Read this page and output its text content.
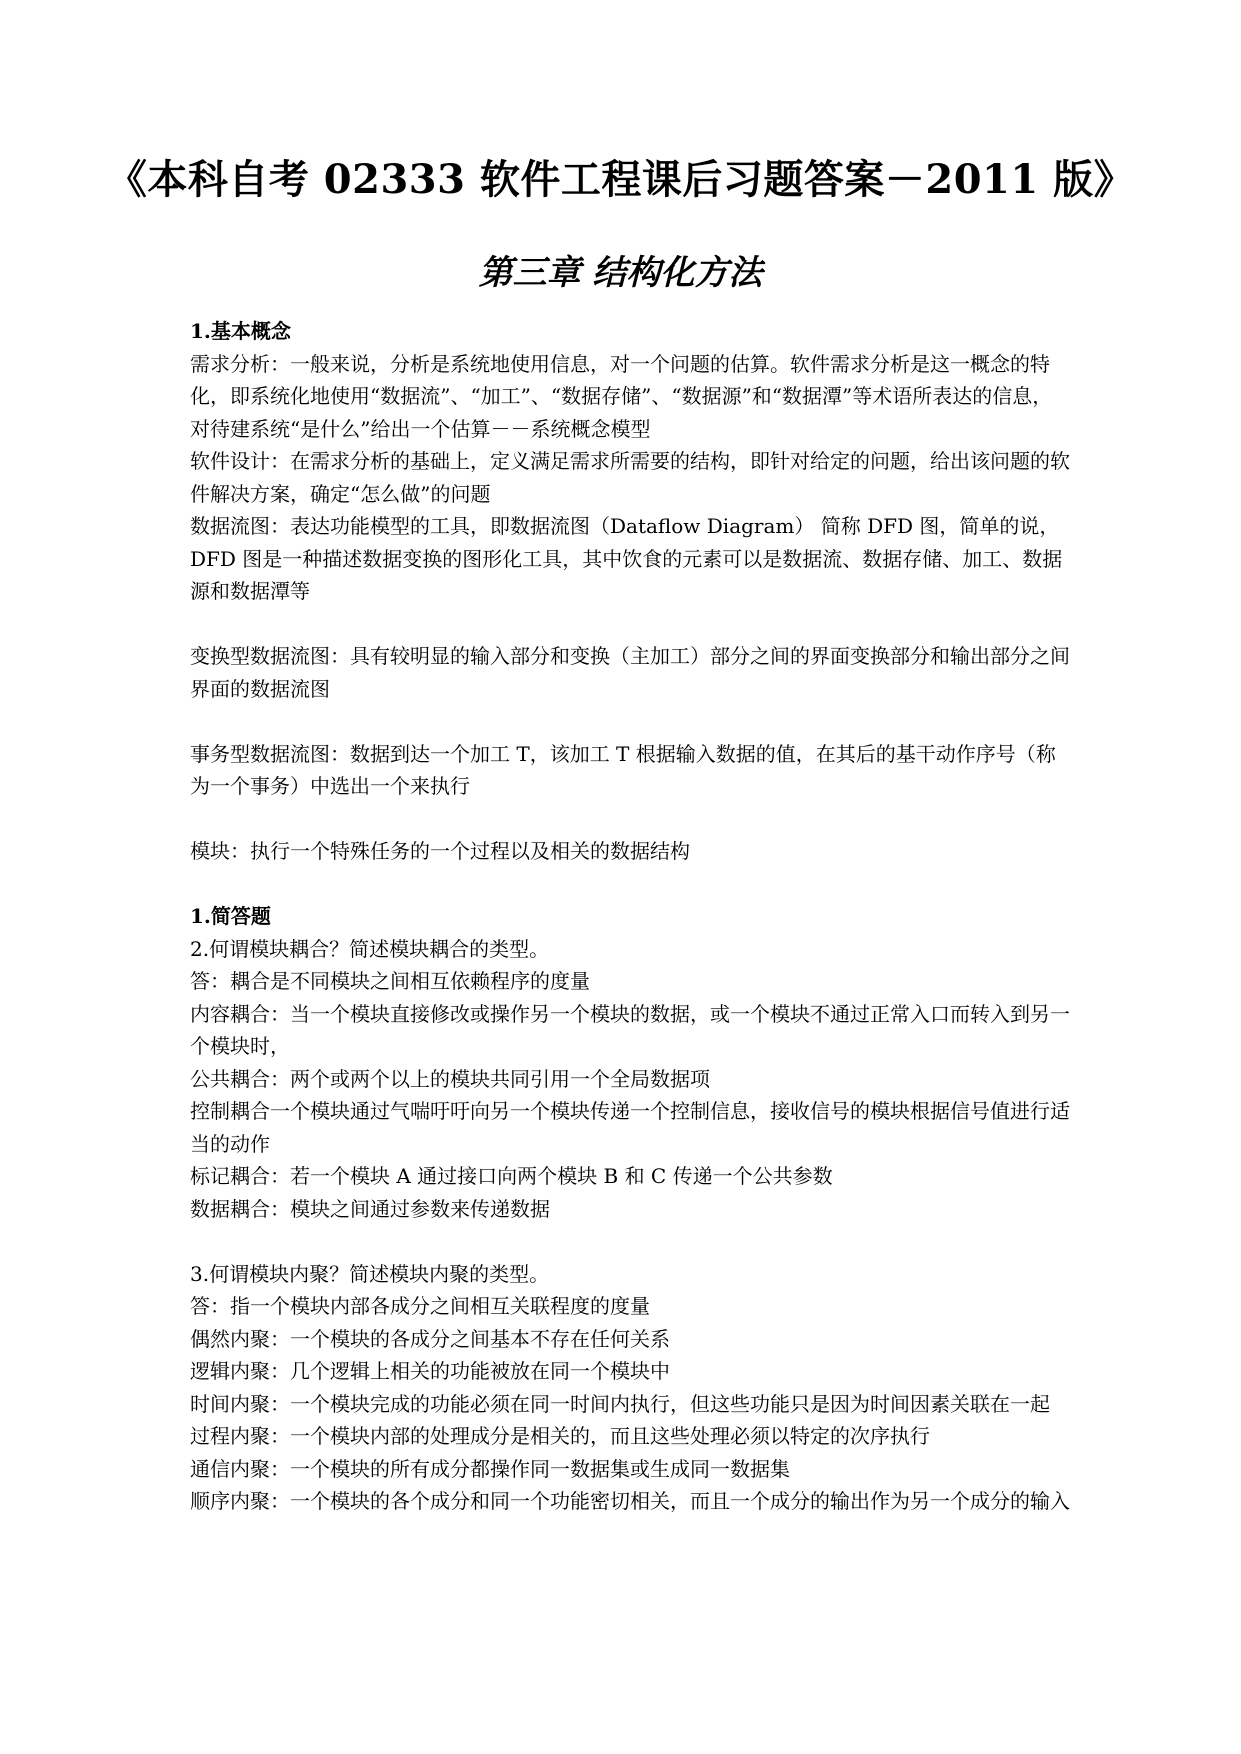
《本科自考 02333 软件工程课后习题答案－2011 版》
第三章 结构化方法

1.基本概念

需求分析：一般来说，分析是系统地使用信息，对一个问题的估算。软件需求分析是这一概念的特化，即系统化地使用“数据流”、“加工”、“数据存储”、“数据源”和“数据潭”等术语所表达的信息，对待建系统“是什么”给出一个估算－－系统概念模型

软件设计：在需求分析的基础上，定义满足需求所需要的结构，即针对给定的问题，给出该问题的软件解决方案，确定“怎么做”的问题

数据流图：表达功能模型的工具，即数据流图（Dataflow Diagram） 简称 DFD 图，简单的说，DFD 图是一种描述数据变换的图形化工具，其中饮食的元素可以是数据流、数据存储、加工、数据源和数据潭等

变换型数据流图：具有较明显的输入部分和变换（主加工）部分之间的界面变换部分和输出部分之间界面的数据流图

事务型数据流图：数据到达一个加工 T，该加工 T 根据输入数据的值，在其后的基干动作序号（称为一个事务）中选出一个来执行

模块：执行一个特殊任务的一个过程以及相关的数据结构

1.简答题

2.何谓模块耦合？简述模块耦合的类型。

答：耦合是不同模块之间相互依赖程序的度量

内容耦合：当一个模块直接修改或操作另一个模块的数据，或一个模块不通过正常入口而转入到另一个模块时，

公共耦合：两个或两个以上的模块共同引用一个全局数据项

控制耦合一个模块通过气喘吁吁向另一个模块传递一个控制信息，接收信号的模块根据信号值进行适当的动作

标记耦合：若一个模块 A 通过接口向两个模块 B 和 C 传递一个公共参数

数据耦合：模块之间通过参数来传递数据

3.何谓模块内聚？简述模块内聚的类型。

答：指一个模块内部各成分之间相互关联程度的度量

偶然内聚：一个模块的各成分之间基本不存在任何关系

逻辑内聚：几个逻辑上相关的功能被放在同一个模块中

时间内聚：一个模块完成的功能必须在同一时间内执行，但这些功能只是因为时间因素关联在一起

过程内聚：一个模块内部的处理成分是相关的，而且这些处理必须以特定的次序执行

通信内聚：一个模块的所有成分都操作同一数据集或生成同一数据集

顺序内聚：一个模块的各个成分和同一个功能密切相关，而且一个成分的输出作为另一个成分的输入
